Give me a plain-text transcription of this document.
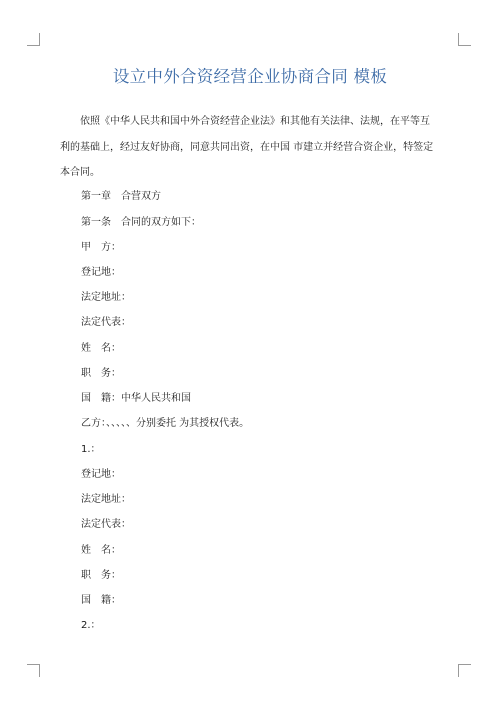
设立中外合资经营企业协商合同 模板
依照《中华人民共和国中外合资经营企业法》和其他有关法律、法规，在平等互
利的基础上，经过友好协商，同意共同出资，在中国 市建立并经营合资企业，特签定
本合同。
第一章　合营双方
第一条　合同的双方如下：
甲　方：
登记地：
法定地址：
法定代表：
姓　名：
职　务：
国　籍：中华人民共和国
乙方：、、、、、分别委托 为其授权代表。
1.：
登记地：
法定地址：
法定代表：
姓　名：
职　务：
国　籍：
2.：
